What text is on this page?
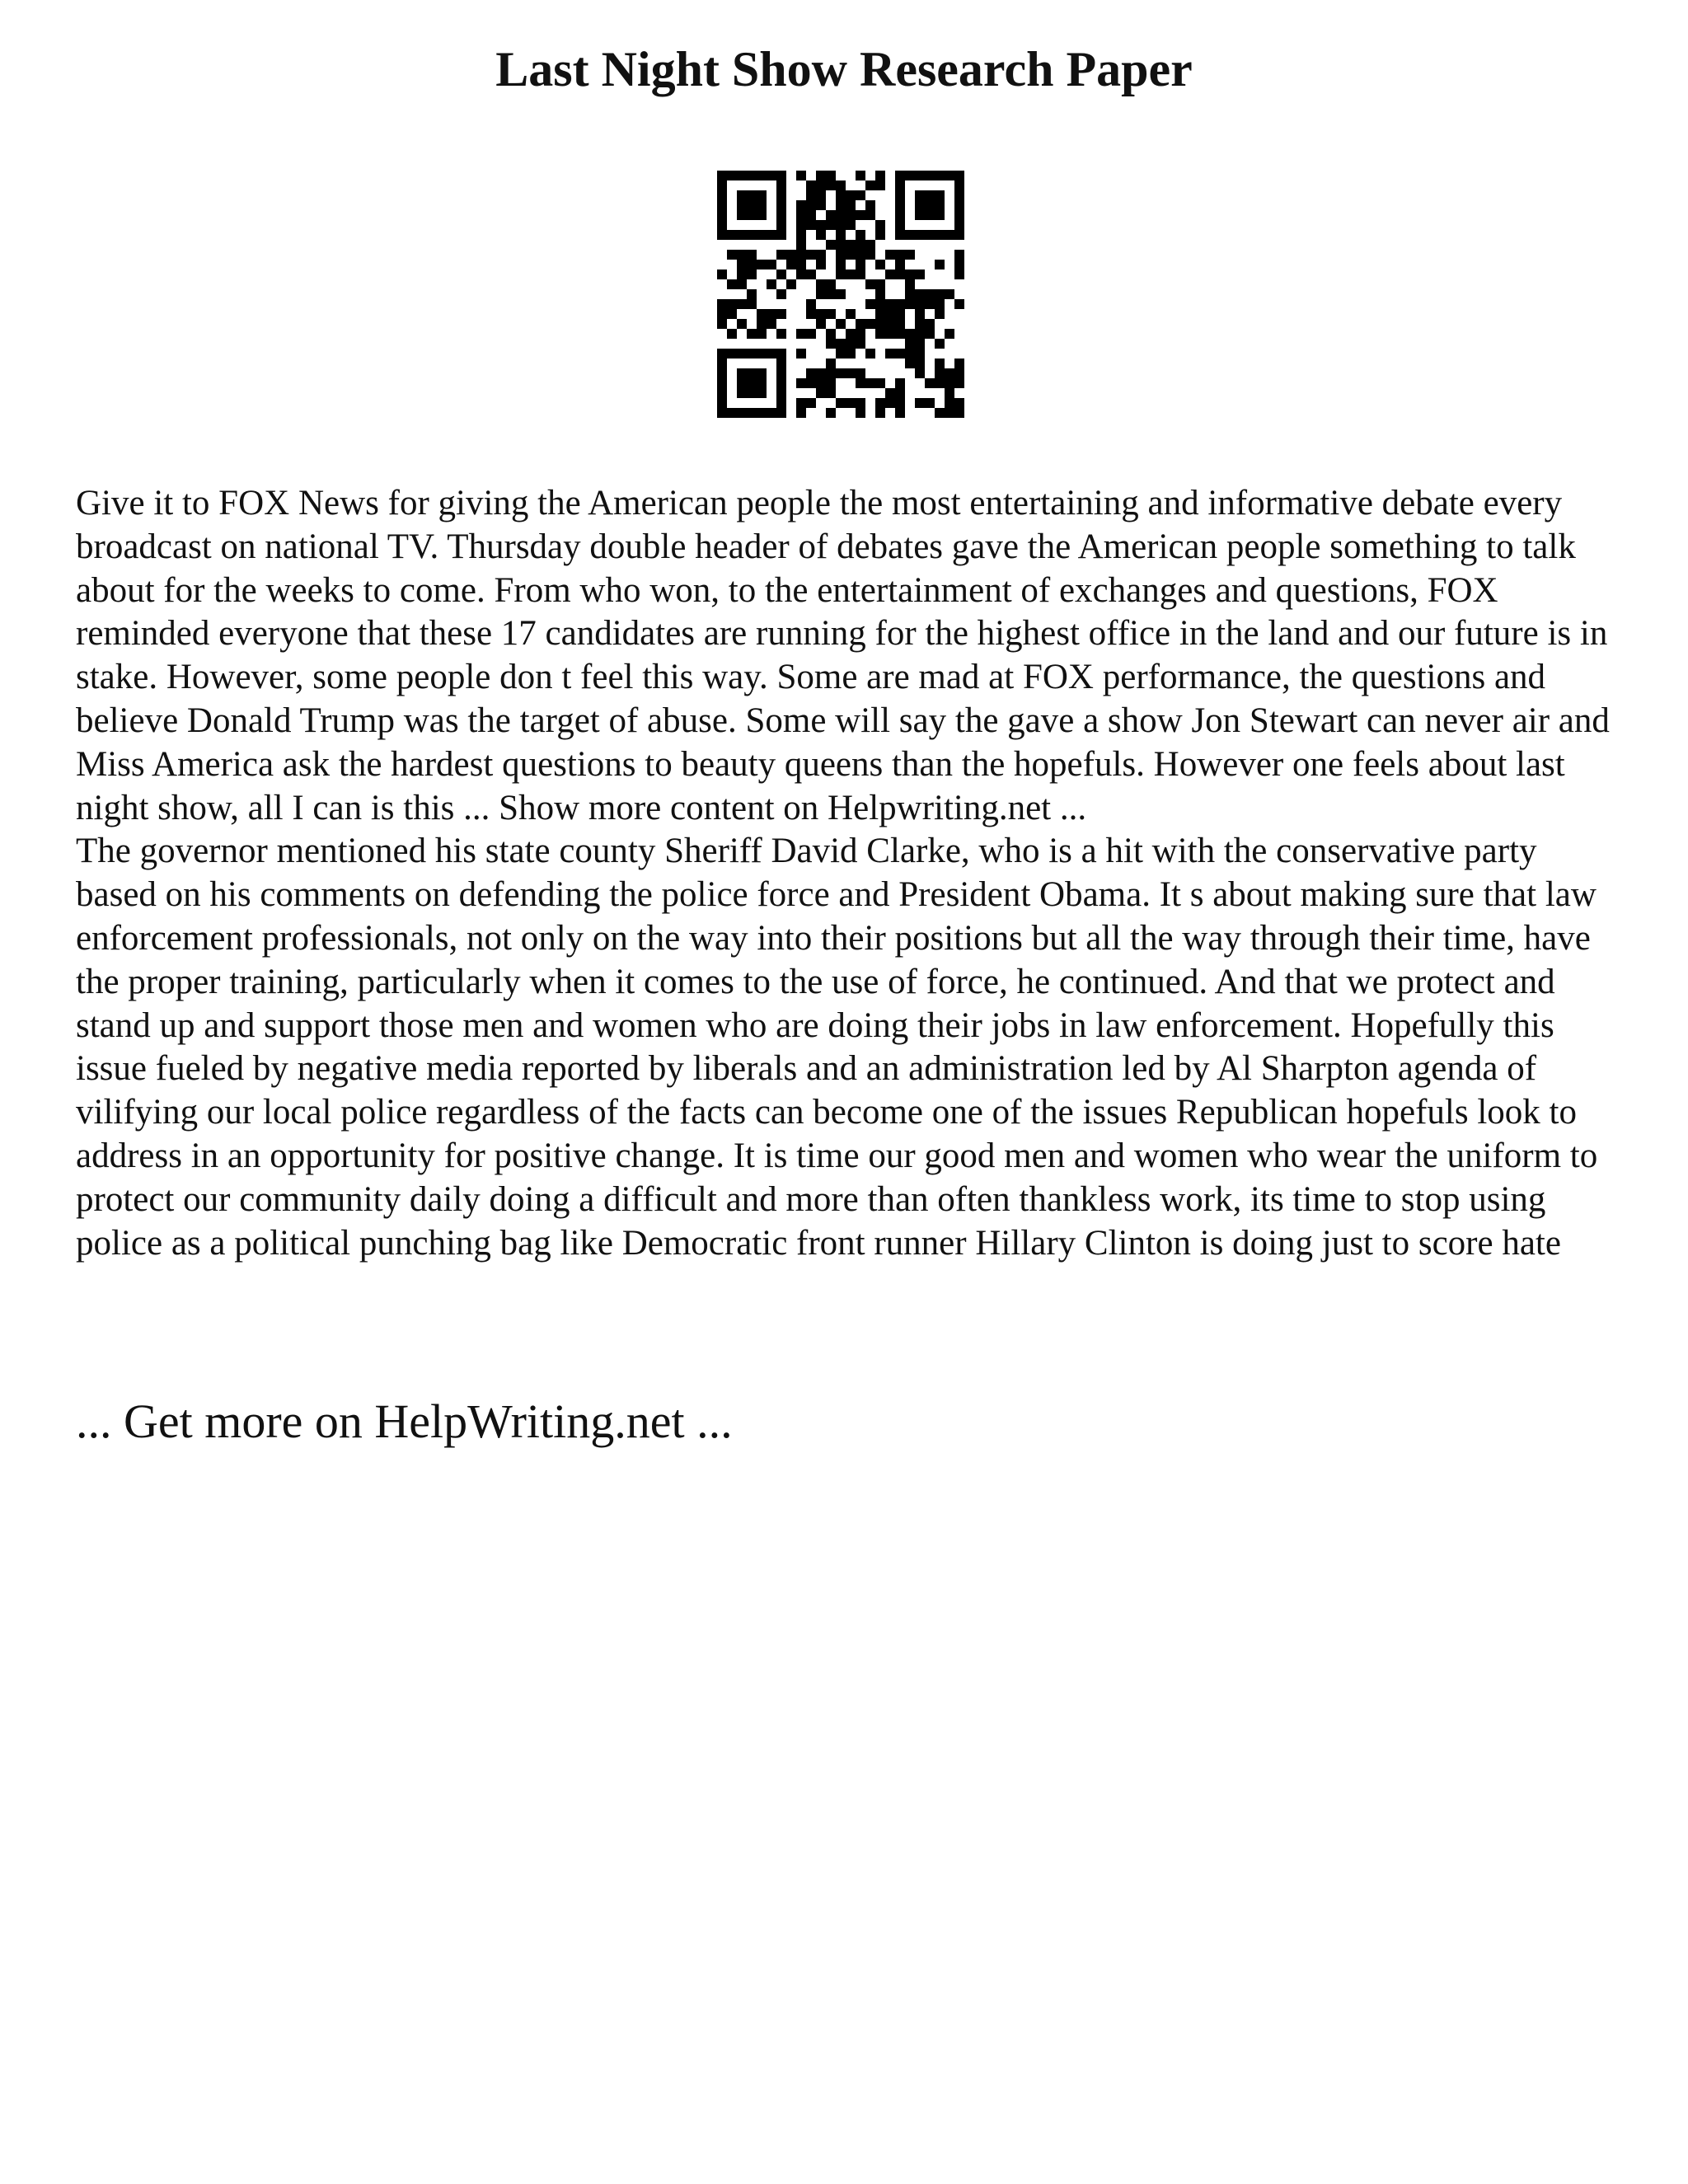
Last Night Show Research Paper

Give it to FOX News for giving the American people the most entertaining and informative debate every broadcast on national TV. Thursday double header of debates gave the American people something to talk about for the weeks to come. From who won, to the entertainment of exchanges and questions, FOX reminded everyone that these 17 candidates are running for the highest office in the land and our future is in stake. However, some people don t feel this way. Some are mad at FOX performance, the questions and believe Donald Trump was the target of abuse. Some will say the gave a show Jon Stewart can never air and Miss America ask the hardest questions to beauty queens than the hopefuls. However one feels about last night show, all I can is this ... Show more content on Helpwriting.net ...

The governor mentioned his state county Sheriff David Clarke, who is a hit with the conservative party based on his comments on defending the police force and President Obama. It s about making sure that law enforcement professionals, not only on the way into their positions but all the way through their time, have the proper training, particularly when it comes to the use of force, he continued. And that we protect and stand up and support those men and women who are doing their jobs in law enforcement. Hopefully this issue fueled by negative media reported by liberals and an administration led by Al Sharpton agenda of vilifying our local police regardless of the facts can become one of the issues Republican hopefuls look to address in an opportunity for positive change. It is time our good men and women who wear the uniform to protect our community daily doing a difficult and more than often thankless work, its time to stop using police as a political punching bag like Democratic front runner Hillary Clinton is doing just to score hate

... Get more on HelpWriting.net ...
